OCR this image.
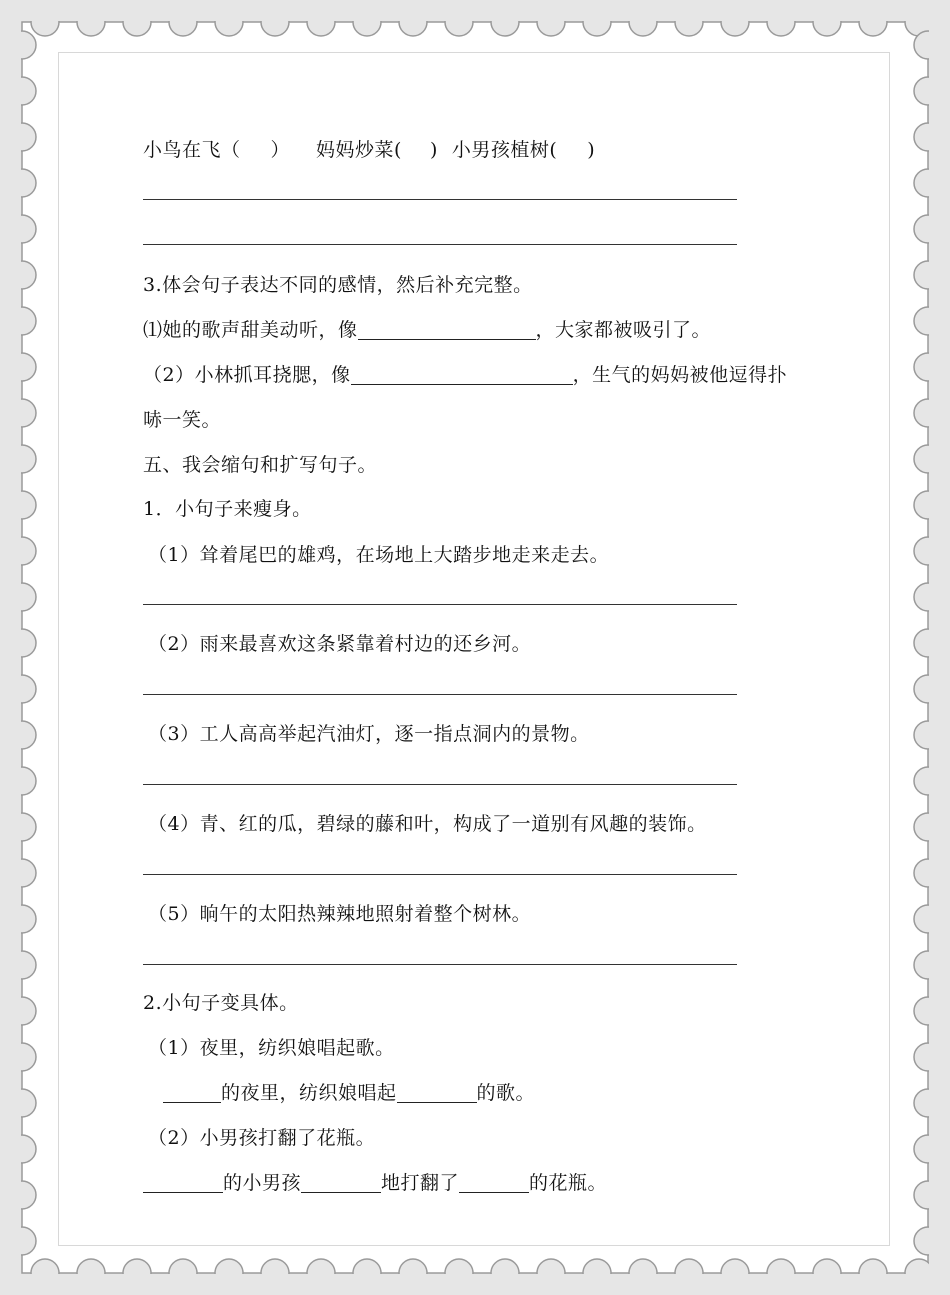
小鸟在飞（ ） 妈妈炒菜( ) 小男孩植树( )
3.体会句子表达不同的感情，然后补充完整。
⑴她的歌声甜美动听，像	，大家都被吸引了。
（2）小林抓耳挠腮，像	，生气的妈妈被他逗得扑
哧一笑。
五、我会缩句和扩写句子。
1．小句子来瘦身。
（1）耸着尾巴的雄鸡，在场地上大踏步地走来走去。
（2）雨来最喜欢这条紧靠着村边的还乡河。
（3）工人高高举起汽油灯，逐一指点洞内的景物。
（4）青、红的瓜，碧绿的藤和叶，构成了一道别有风趣的装饰。
（5）晌午的太阳热辣辣地照射着整个树林。
2.小句子变具体。
（1）夜里，纺织娘唱起歌。
的夜里，纺织娘唱起	的歌。
（2）小男孩打翻了花瓶。
的小男孩	地打翻了	的花瓶。
